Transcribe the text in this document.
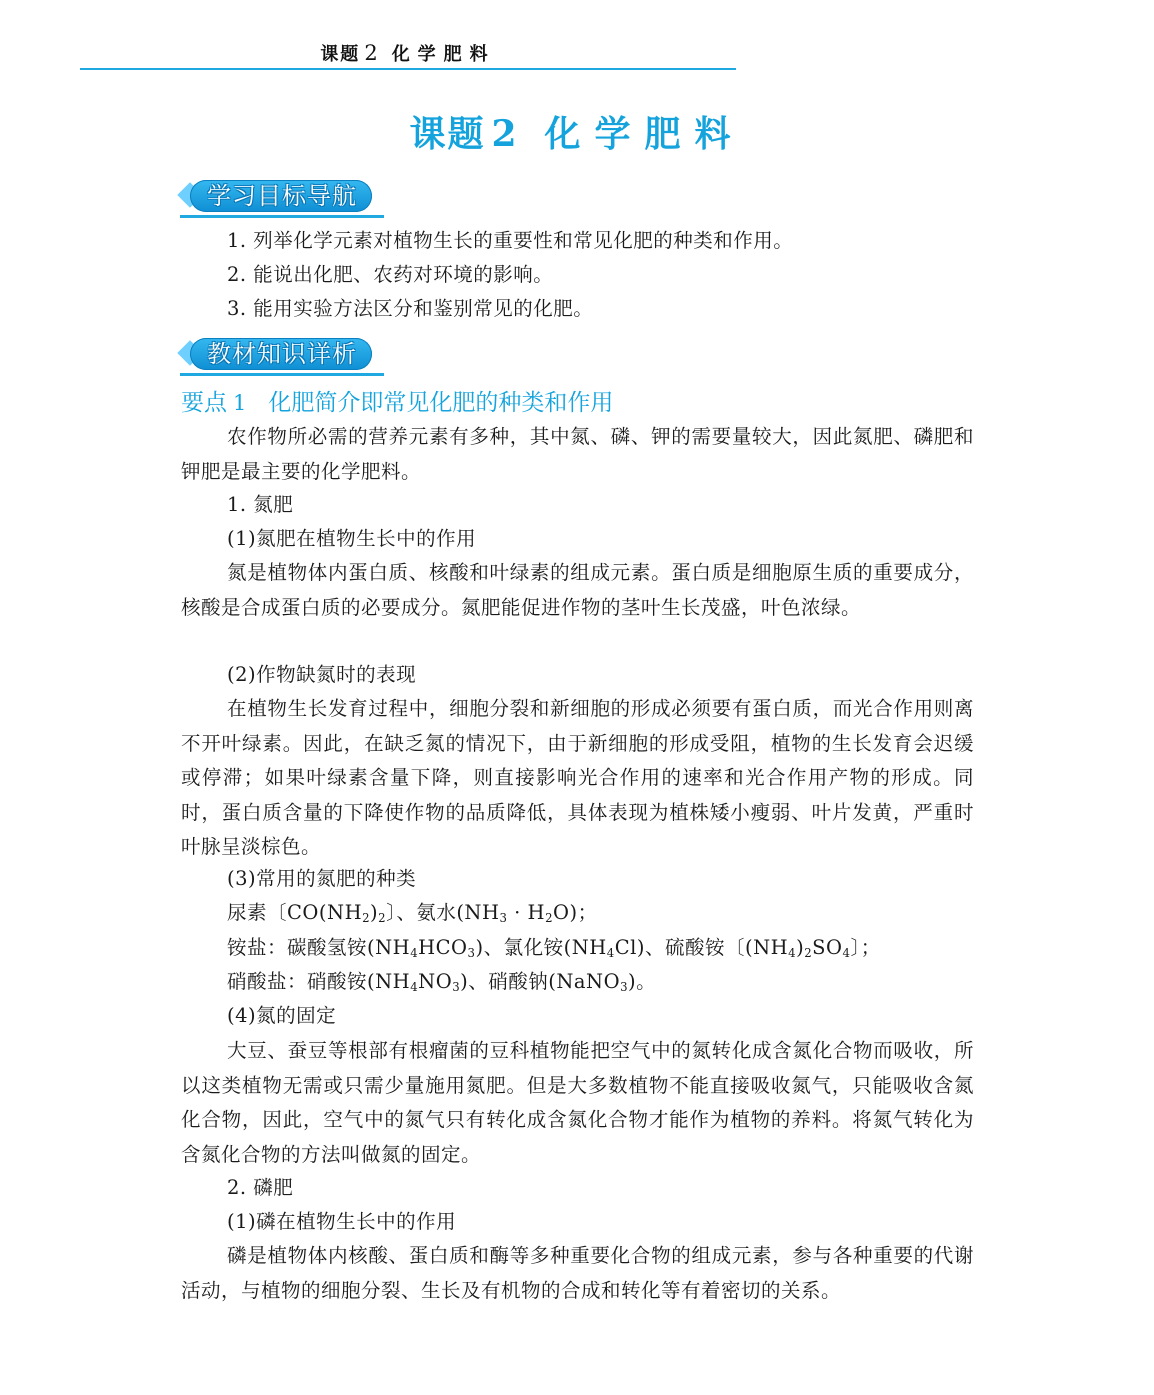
课题 2 化学肥料
课题 2 化学肥料
学习目标导航
1. 列举化学元素对植物生长的重要性和常见化肥的种类和作用。
2. 能说出化肥、农药对环境的影响。
3. 能用实验方法区分和鉴别常见的化肥。
教材知识详析
要点 1 化肥简介即常见化肥的种类和作用

农作物所必需的营养元素有多种，其中氮、磷、钾的需要量较大，因此氮肥、磷肥和钾肥是最主要的化学肥料。

1. 氮肥
(1)氮肥在植物生长中的作用

氮是植物体内蛋白质、核酸和叶绿素的组成元素。蛋白质是细胞原生质的重要成分，核酸是合成蛋白质的必要成分。氮肥能促进作物的茎叶生长茂盛，叶色浓绿。

(2)作物缺氮时的表现

在植物生长发育过程中，细胞分裂和新细胞的形成必须要有蛋白质，而光合作用则离不开叶绿素。因此，在缺乏氮的情况下，由于新细胞的形成受阻，植物的生长发育会迟缓或停滞；如果叶绿素含量下降，则直接影响光合作用的速率和光合作用产物的形成。同时，蛋白质含量的下降使作物的品质降低，具体表现为植株矮小瘦弱、叶片发黄，严重时叶脉呈淡棕色。

(3)常用的氮肥的种类
尿素〔$CO(NH_2)_2$〕、氨水$(NH_3 \cdot H_2O)$；
铵盐：碳酸氢铵$(NH_4HCO_3)$、氯化铵$(NH_4Cl)$、硫酸铵〔$(NH_4)_2SO_4$〕；
硝酸盐：硝酸铵$(NH_4NO_3)$、硝酸钠(NaNO$_3$)。
(4)氮的固定

大豆、蚕豆等根部有根瘤菌的豆科植物能把空气中的氮转化成含氮化合物而吸收，所以这类植物无需或只需少量施用氮肥。但是大多数植物不能直接吸收氮气，只能吸收含氮化合物，因此，空气中的氮气只有转化成含氮化合物才能作为植物的养料。将氮气转化为含氮化合物的方法叫做氮的固定。

2. 磷肥
(1)磷在植物生长中的作用

磷是植物体内核酸、蛋白质和酶等多种重要化合物的组成元素，参与各种重要的代谢活动，与植物的细胞分裂、生长及有机物的合成和转化等有着密切的关系。
